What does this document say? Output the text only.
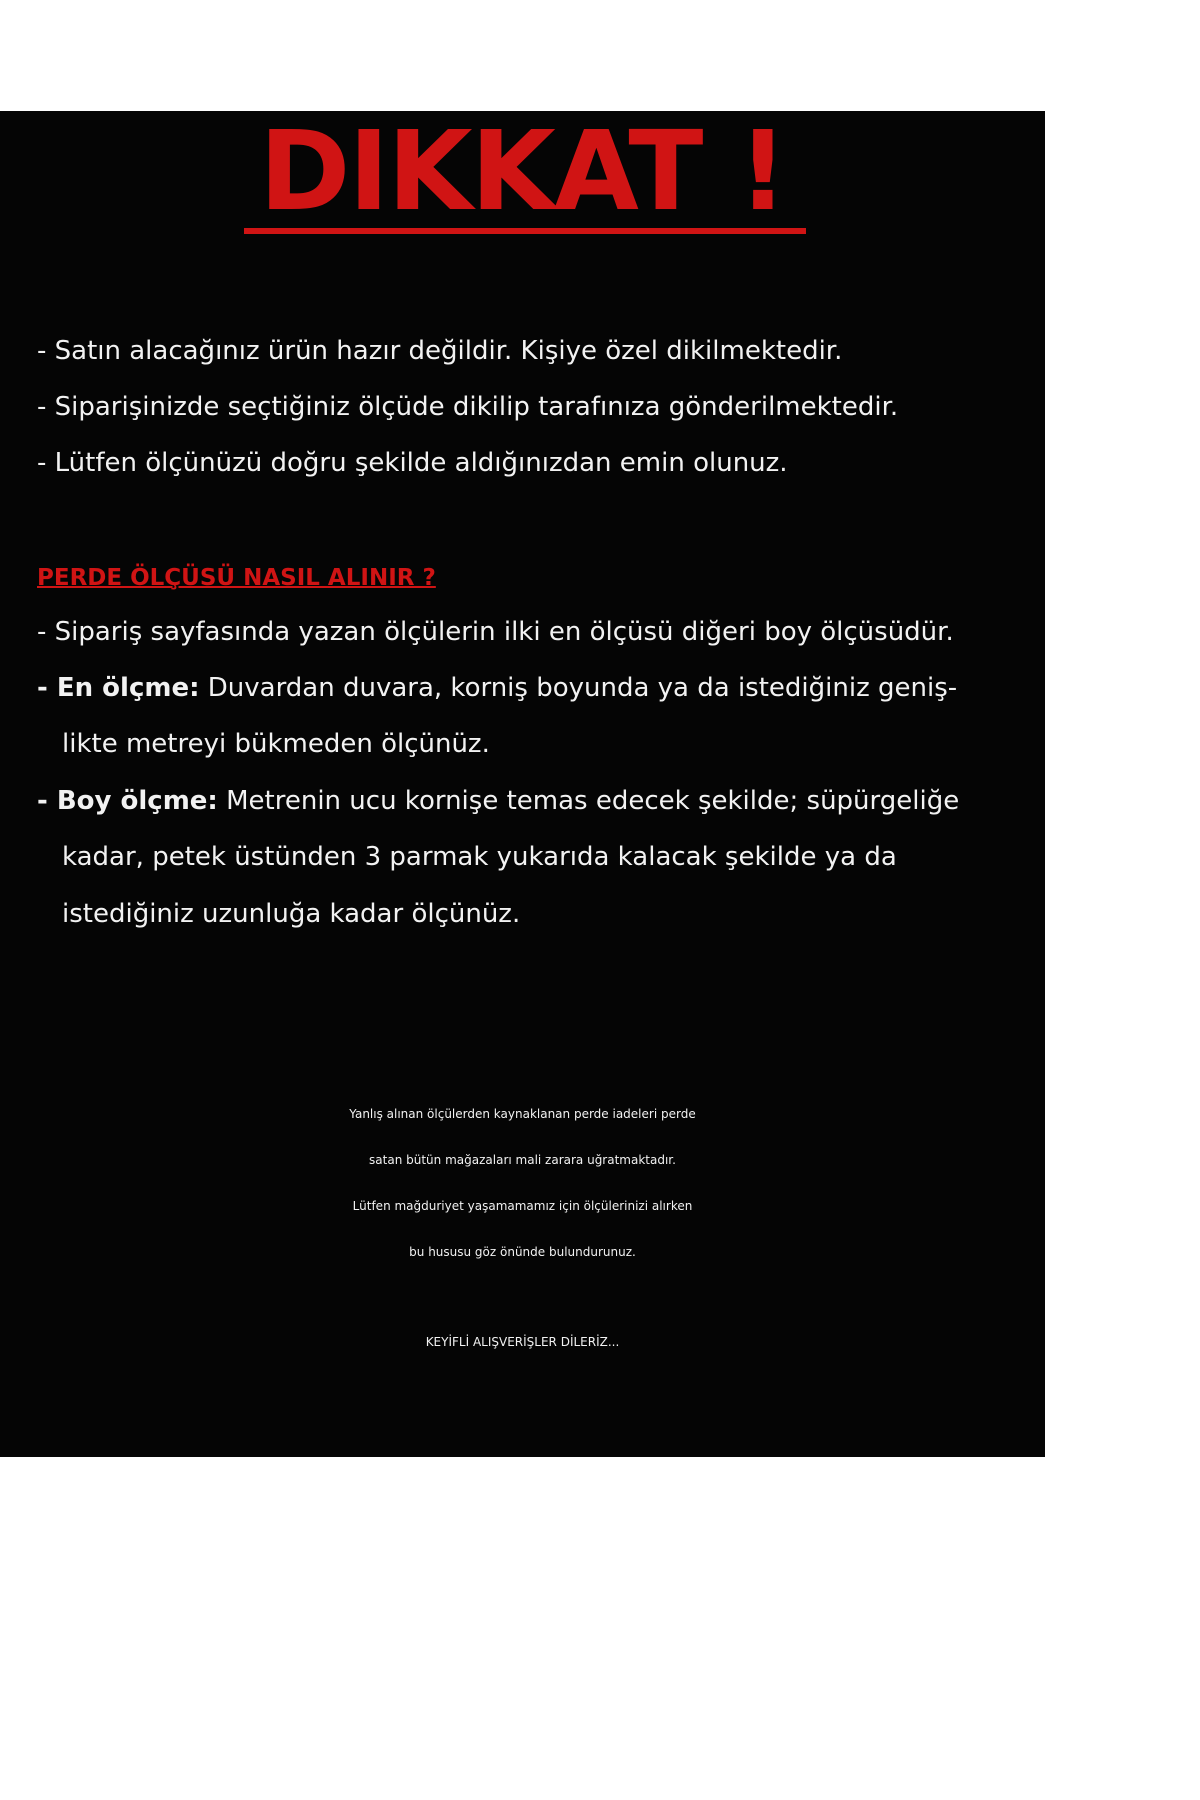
DIKKAT !

- Satın alacağınız ürün hazır değildir. Kişiye özel dikilmektedir.

- Siparişinizde seçtiğiniz ölçüde dikilip tarafınıza gönderilmektedir.

- Lütfen ölçünüzü doğru şekilde aldığınızdan emin olunuz.

PERDE ÖLÇÜSÜ NASIL ALINIR ?

- Sipariş sayfasında yazan ölçülerin ilki en ölçüsü diğeri boy ölçüsüdür.

- En ölçme: Duvardan duvara, korniş boyunda ya da istediğiniz geniş-

likte metreyi bükmeden ölçünüz.

- Boy ölçme: Metrenin ucu kornişe temas edecek şekilde; süpürgeliğe

kadar, petek üstünden 3 parmak yukarıda kalacak şekilde ya da

istediğiniz uzunluğa kadar ölçünüz.

Yanlış alınan ölçülerden kaynaklanan perde iadeleri perde
satan bütün mağazaları mali zarara uğratmaktadır.
Lütfen mağduriyet yaşamamamız için ölçülerinizi alırken
bu hususu göz önünde bulundurunuz.

KEYİFLİ ALIŞVERİŞLER DİLERİZ...
